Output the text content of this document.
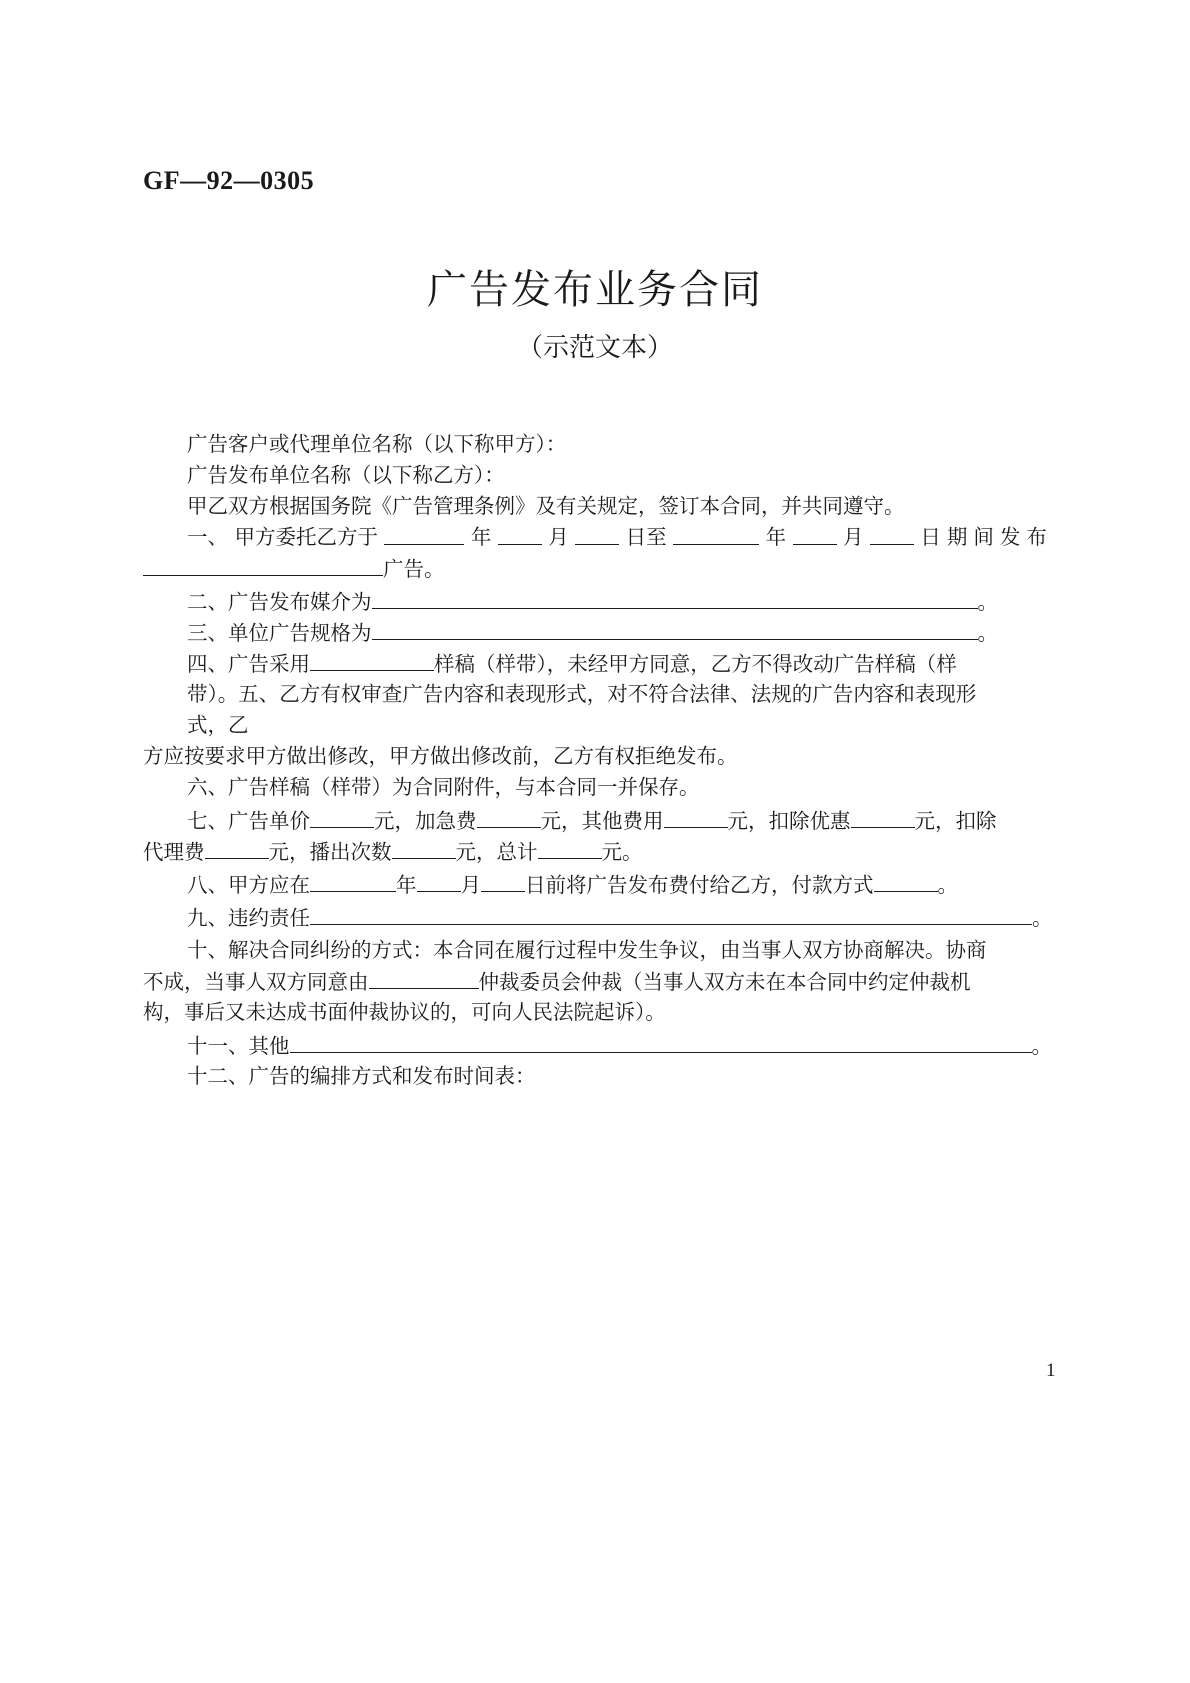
GF—92—0305
广告发布业务合同
（示范文本）
广告客户或代理单位名称（以下称甲方）：
广告发布单位名称（以下称乙方）：
甲乙双方根据国务院《广告管理条例》及有关规定，签订本合同，并共同遵守。
一、 甲方委托乙方于	年	月	日至	年	月	日期间发布
广告。
二、广告发布媒介为	。
三、单位广告规格为	。
四、广告采用	样稿（样带），未经甲方同意，乙方不得改动广告样稿（样
带）。五、乙方有权审查广告内容和表现形式，对不符合法律、法规的广告内容和表现形
式，乙
方应按要求甲方做出修改，甲方做出修改前，乙方有权拒绝发布。
六、广告样稿（样带）为合同附件，与本合同一并保存。
七、广告单价	元，加急费	元，其他费用	元，扣除优惠	元，扣除
代理费	元，播出次数	元，总计	元。
八、甲方应在	年 月 日前将广告发布费付给乙方，付款方式	。
九、违约责任	。
十、解决合同纠纷的方式：本合同在履行过程中发生争议，由当事人双方协商解决。协商
不成，当事人双方同意由	仲裁委员会仲裁（当事人双方未在本合同中约定仲裁机
构，事后又未达成书面仲裁协议的，可向人民法院起诉）。
十一、其他	。
十二、广告的编排方式和发布时间表：
1
